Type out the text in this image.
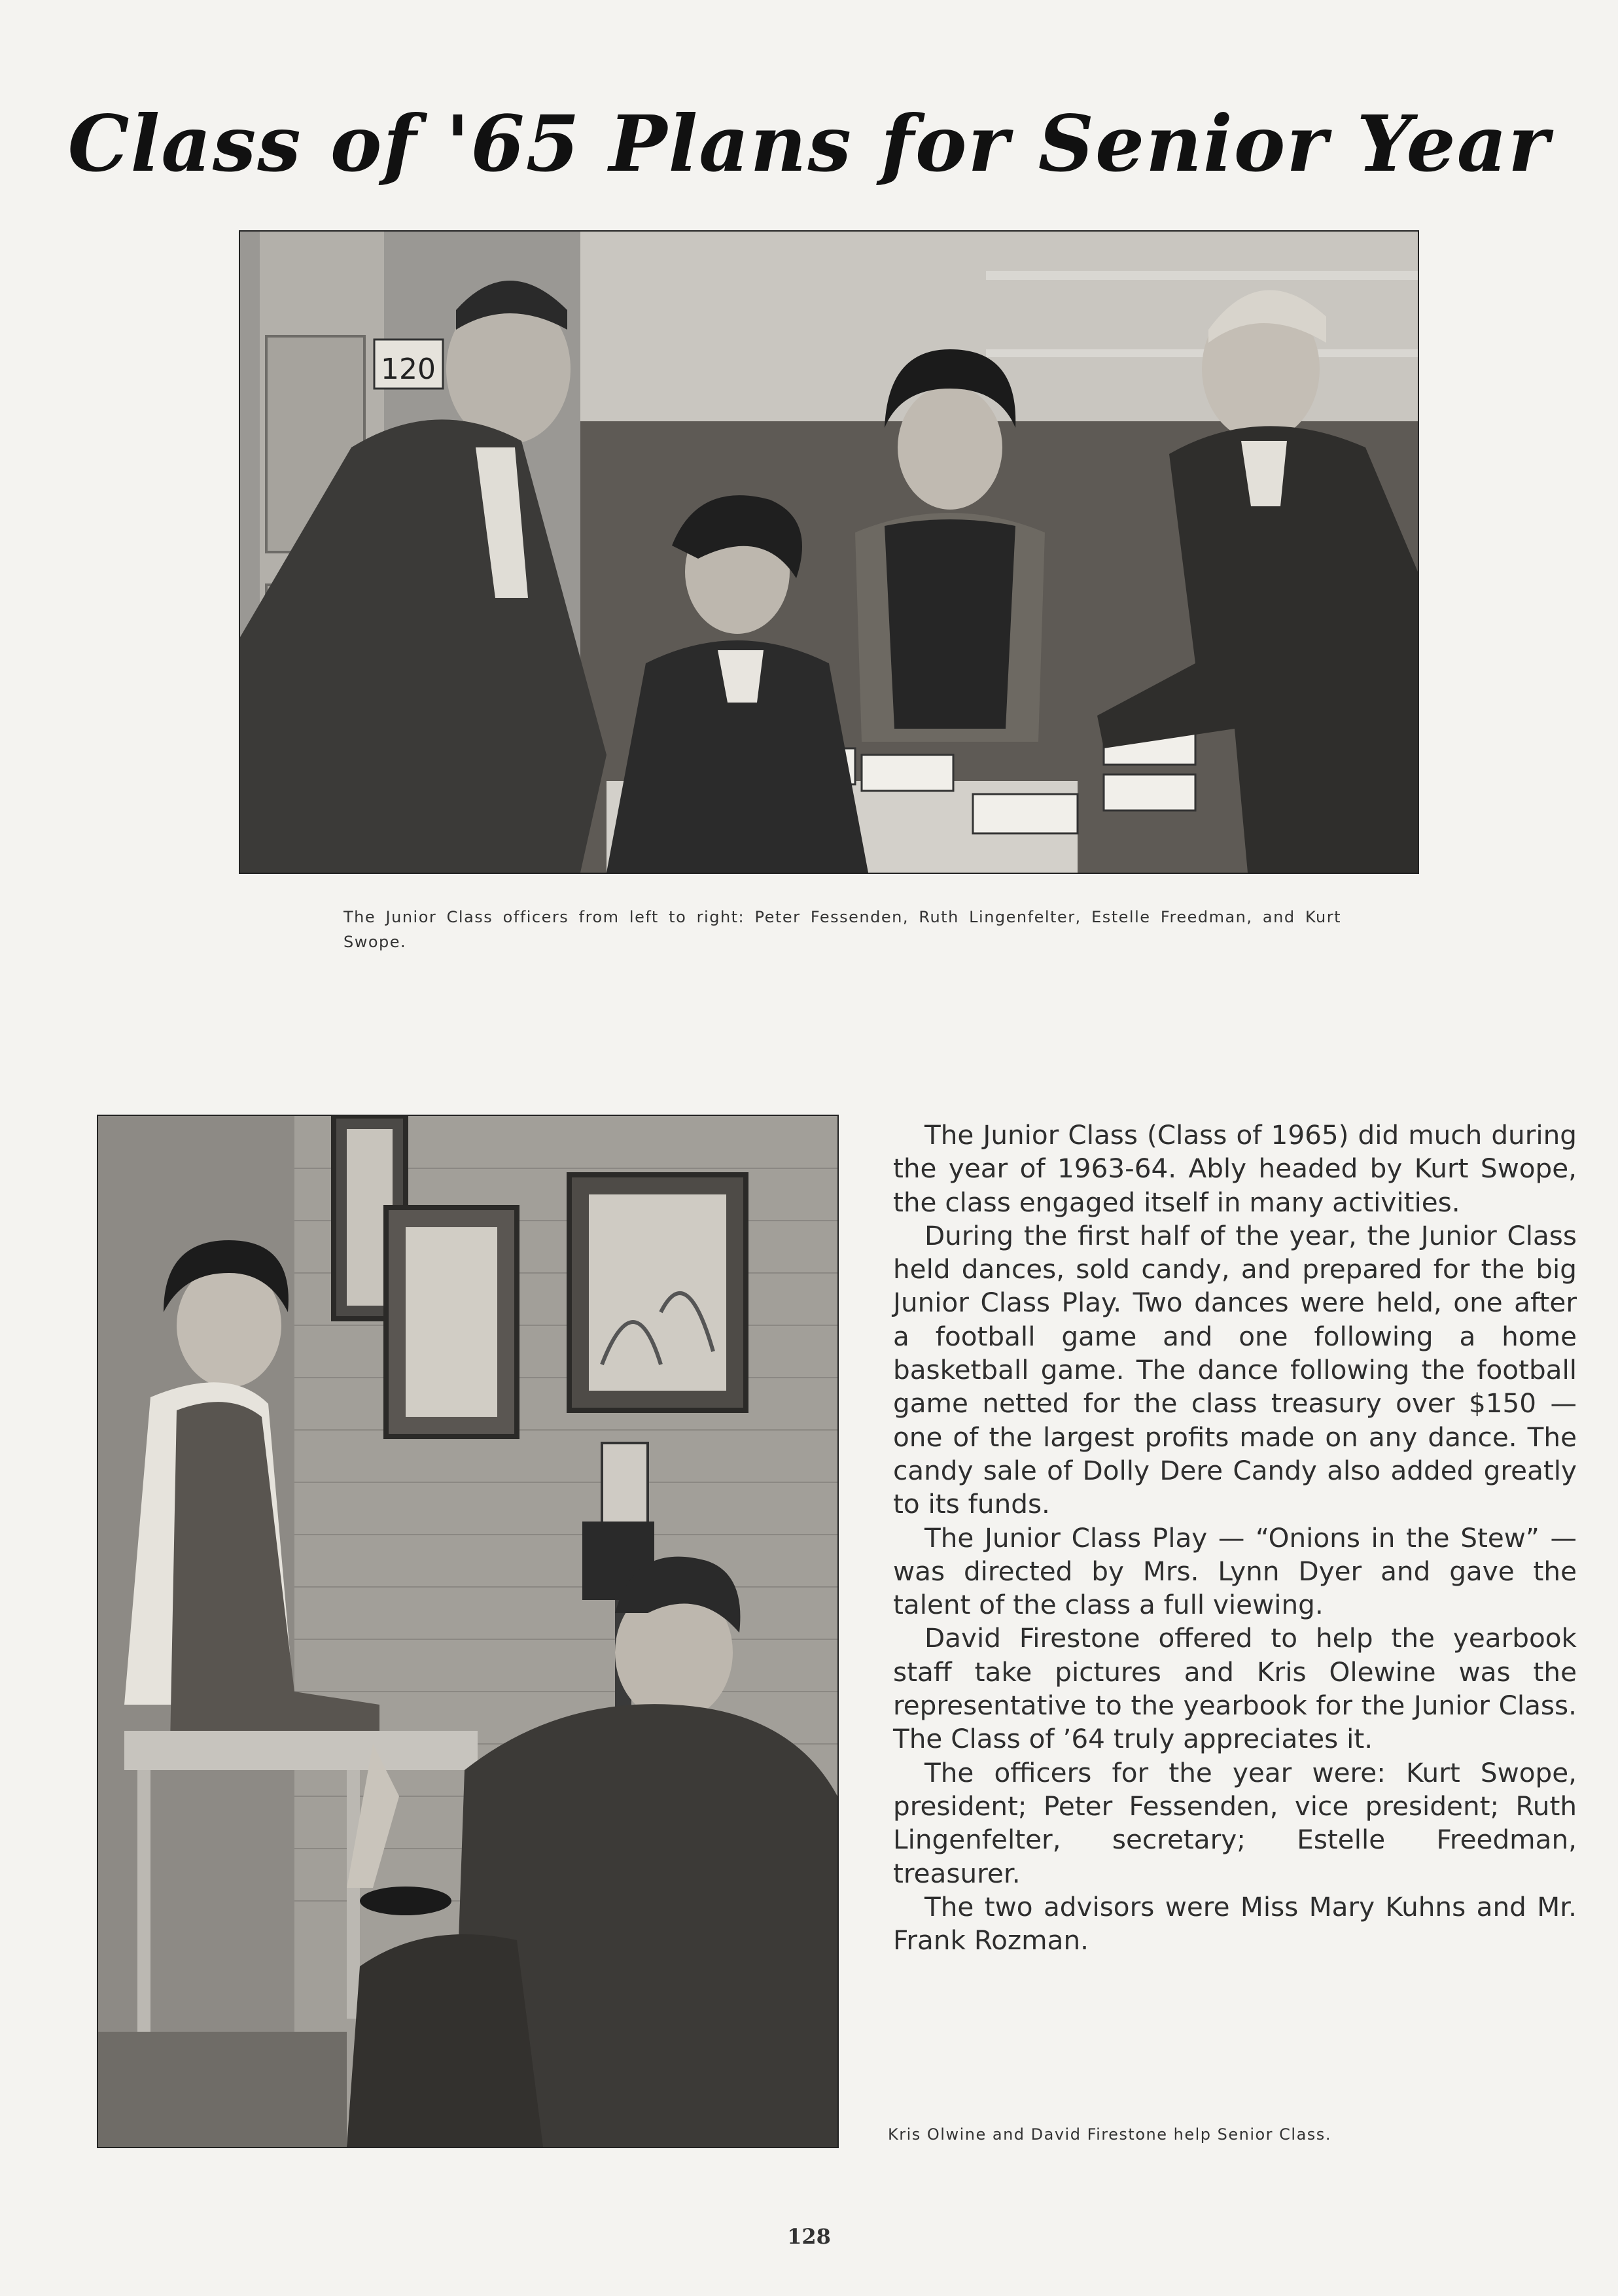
Class of '65 Plans for Senior Year
120
The Junior Class officers from left to right: Peter Fessenden, Ruth Lingenfelter, Estelle Freedman, and Kurt Swope.
Kris Olwine and David Firestone help Senior Class.

The Junior Class (Class of 1965) did much during the year of 1963-64. Ably headed by Kurt Swope, the class engaged itself in many activities.

During the first half of the year, the Junior Class held dances, sold candy, and prepared for the big Junior Class Play. Two dances were held, one after a football game and one following a home basketball game. The dance following the football game netted for the class treasury over $150 — one of the largest profits made on any dance. The candy sale of Dolly Dere Candy also added greatly to its funds.

The Junior Class Play — “Onions in the Stew” — was directed by Mrs. Lynn Dyer and gave the talent of the class a full viewing.

David Firestone offered to help the yearbook staff take pictures and Kris Olewine was the representative to the yearbook for the Junior Class. The Class of ’64 truly appreciates it.

The officers for the year were: Kurt Swope, president; Peter Fessenden, vice president; Ruth Lingenfelter, secretary; Estelle Freedman, treasurer.

The two advisors were Miss Mary Kuhns and Mr. Frank Rozman.

128
